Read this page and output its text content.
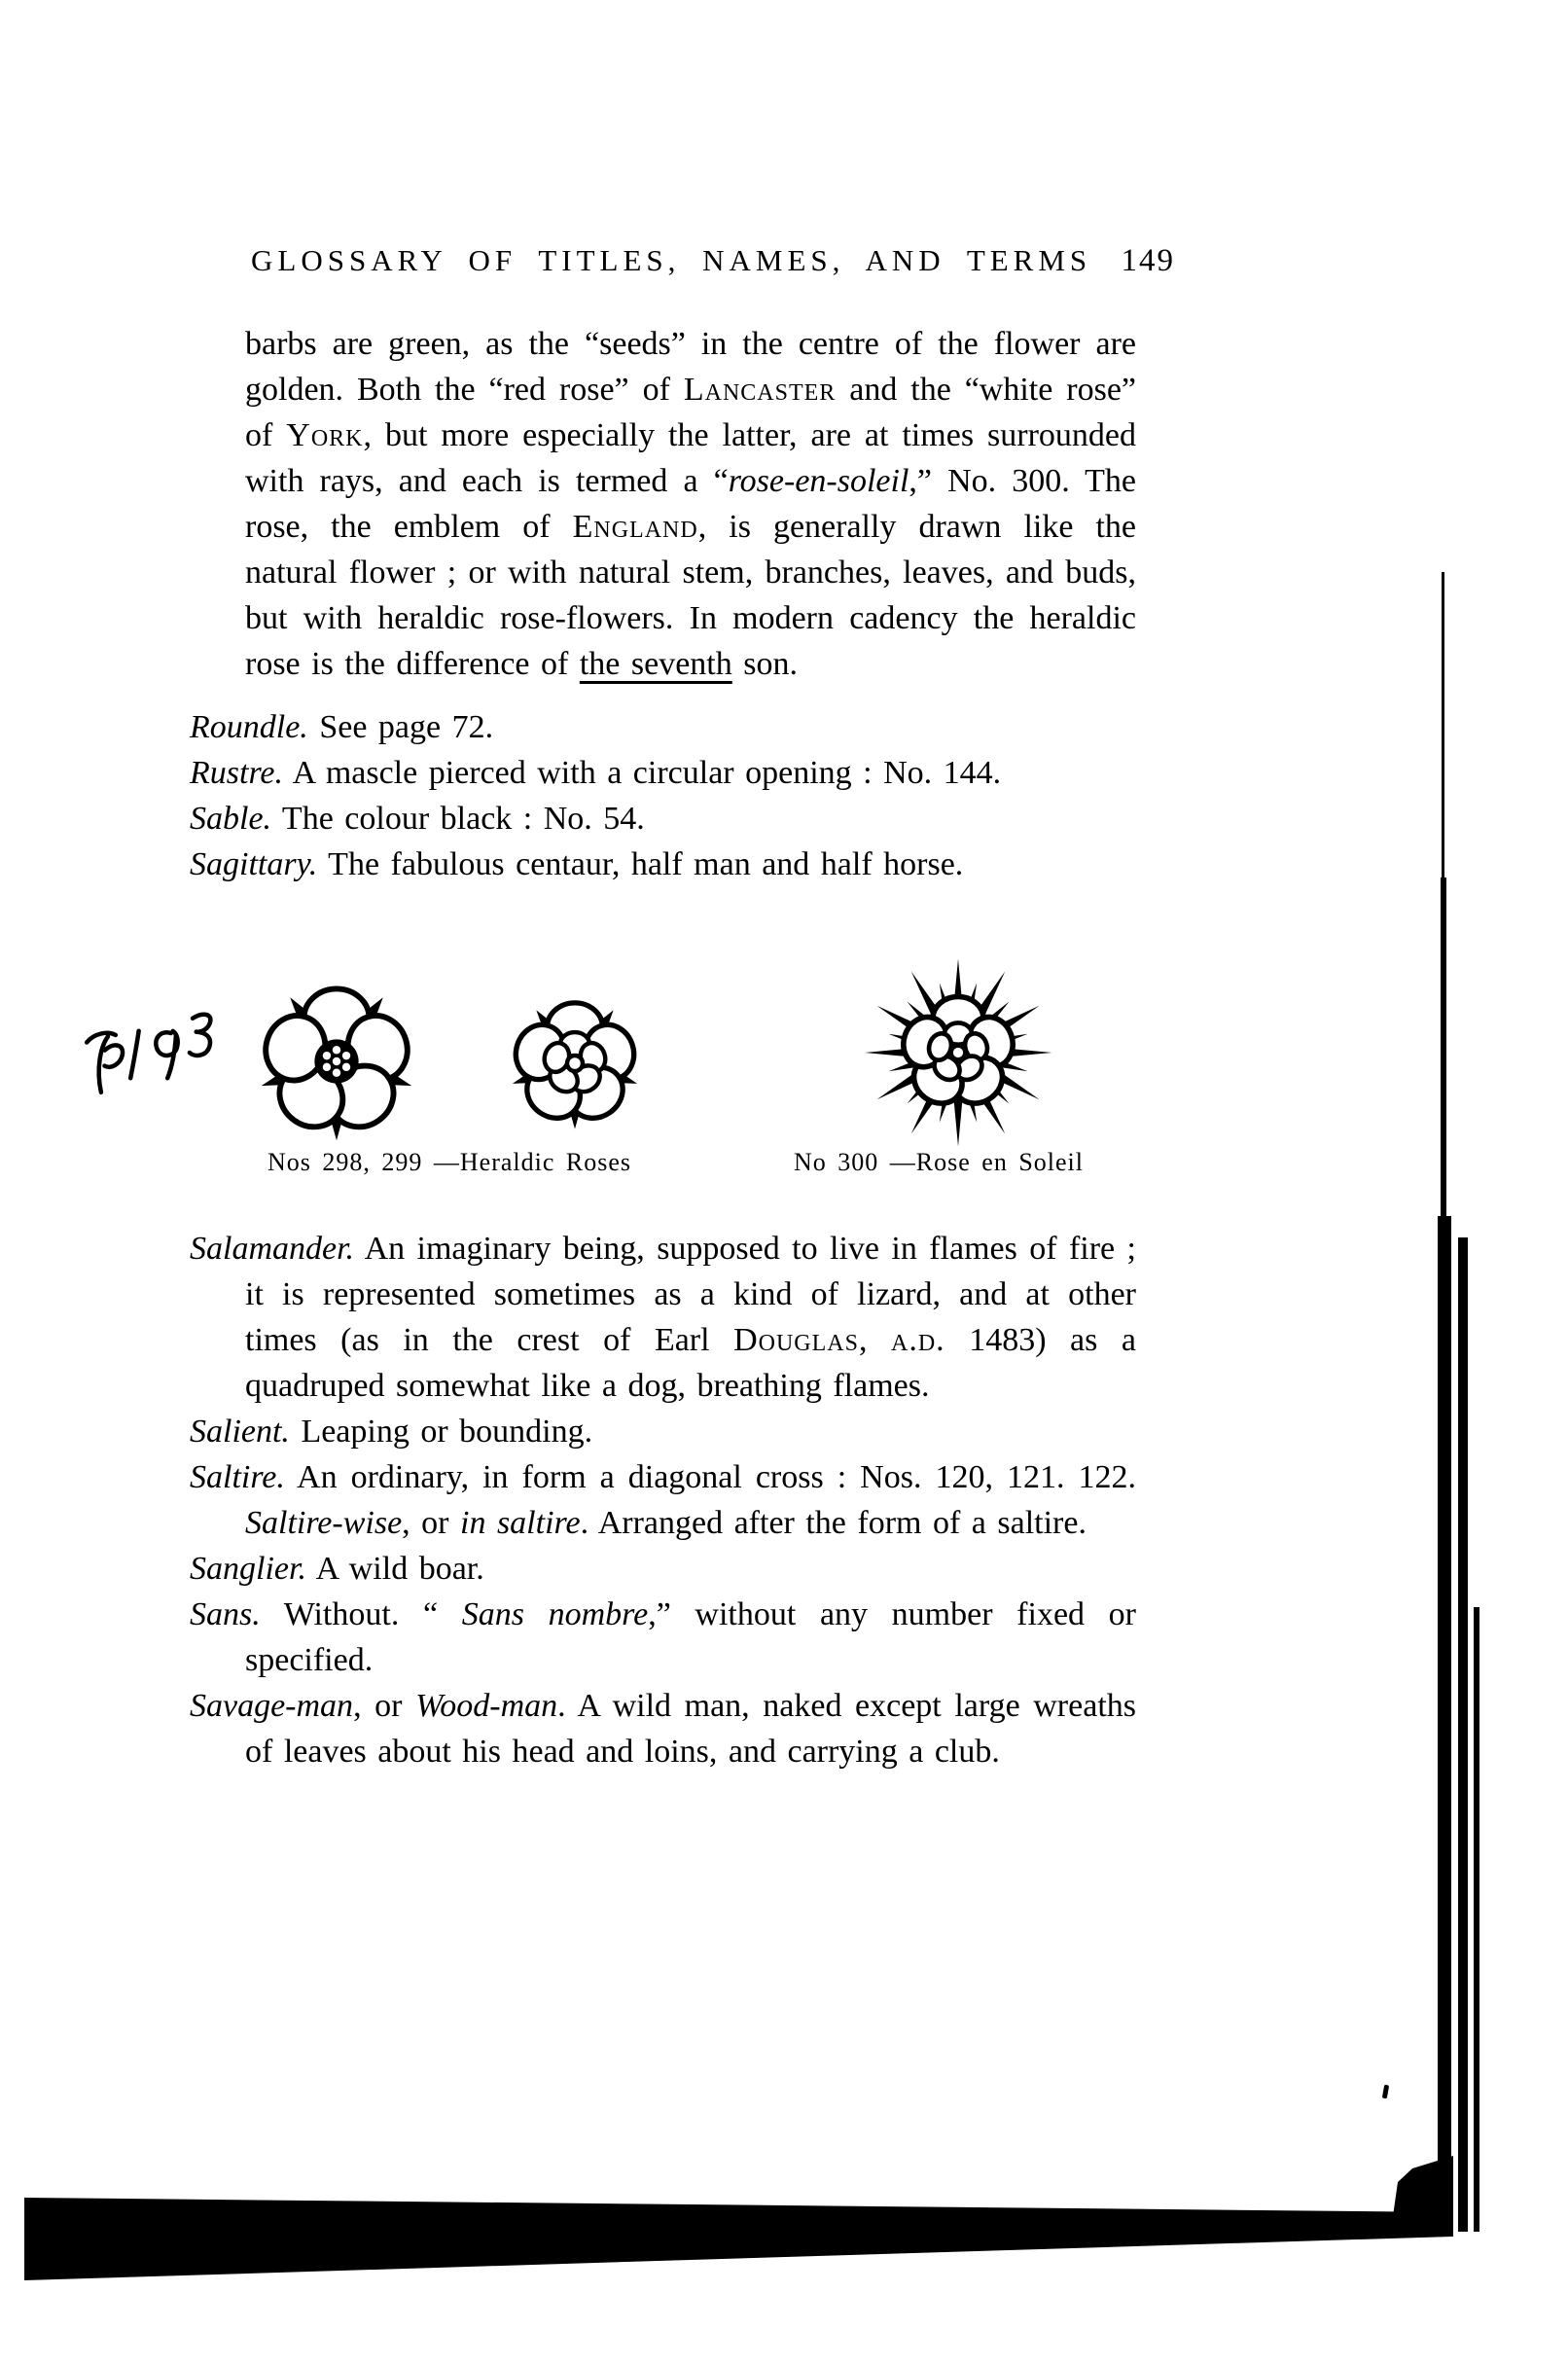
GLOSSARY OF TITLES, NAMES, AND TERMS 149

barbs are green, as the “seeds” in the centre of the flower are golden. Both the “red rose” of Lancaster and the “white rose” of York, but more especially the latter, are at times surrounded with rays, and each is termed a “rose-en-soleil,” No. 300. The rose, the emblem of England, is generally drawn like the natural flower ; or with natural stem, branches, leaves, and buds, but with heraldic rose-flowers. In modern cadency the heraldic rose is the difference of the seventh son.

Roundle. See page 72.

Rustre. A mascle pierced with a circular opening : No. 144.

Sable. The colour black : No. 54.

Sagittary. The fabulous centaur, half man and half horse.

Nos 298, 299 —Heraldic Roses	No 300 —Rose en Soleil

Salamander. An imaginary being, supposed to live in flames of fire ; it is represented sometimes as a kind of lizard, and at other times (as in the crest of Earl Douglas, a.d. 1483) as a quadruped somewhat like a dog, breathing flames.

Salient. Leaping or bounding.

Saltire. An ordinary, in form a diagonal cross : Nos. 120, 121. 122. Saltire-wise, or in saltire. Arranged after the form of a saltire.

Sanglier. A wild boar.

Sans. Without. “ Sans nombre,” without any number fixed or specified.

Savage-man, or Wood-man. A wild man, naked except large wreaths of leaves about his head and loins, and carrying a club.
